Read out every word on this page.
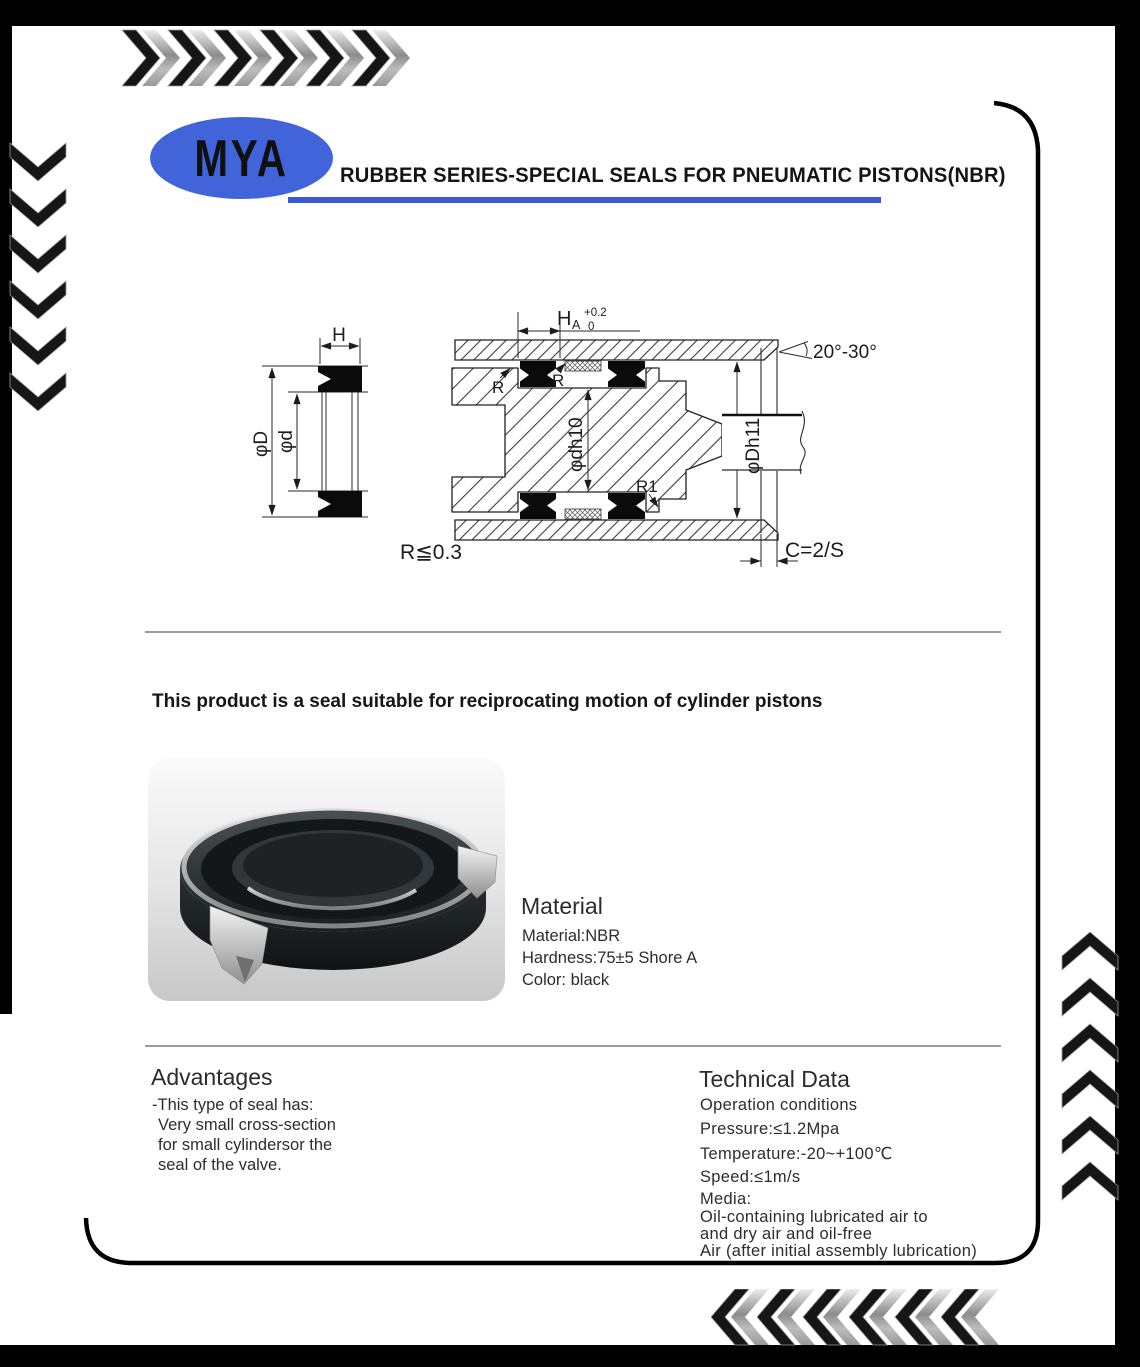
MYA RUBBER SERIES-SPECIAL SEALS FOR PNEUMATIC PISTONS(NBR)
H
φD φd
R≦0.3
H A
+0.2
0
R	R
R1
φdh10	φDh11
20°-30°
C=2/S
This product is a seal suitable for reciprocating motion of cylinder pistons
Material
Material:NBR
Hardness:75±5 Shore A
Color: black
Advantages
-This type of seal has:
Very small cross-section
for small cylindersor the
seal of the valve.
Technical Data
Operation conditions
Pressure:≤1.2Mpa
Temperature:-20~+100℃
Speed:≤1m/s
Media:
Oil-containing lubricated air to
and dry air and oil-free
Air (after initial assembly lubrication)
